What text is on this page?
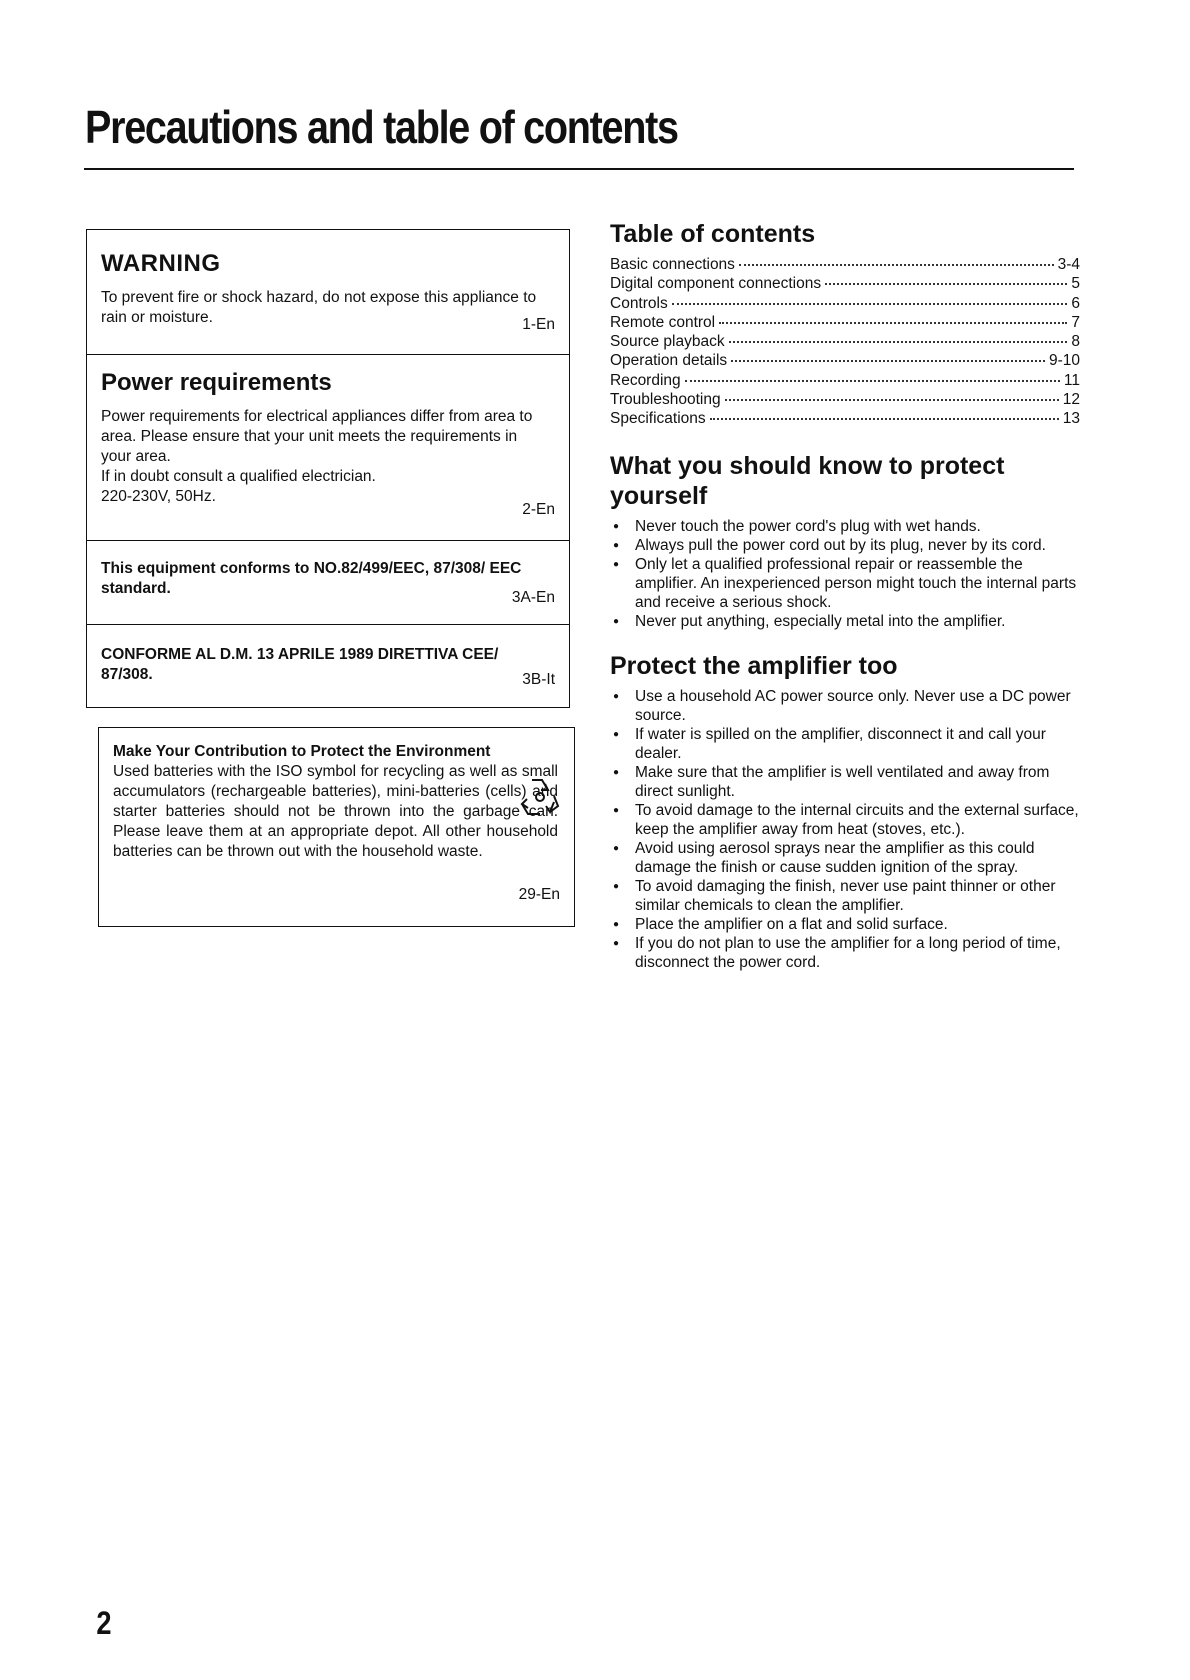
Precautions and table of contents
WARNING

To prevent fire or shock hazard, do not expose this appliance to rain or moisture.	1-En
Power requirements

Power requirements for electrical appliances differ from area to area. Please ensure that your unit meets the requirements in your area.

If in doubt consult a qualified electrician.

220-230V, 50Hz.

2-En

This equipment conforms to NO.82/499/EEC, 87/308/ EEC standard.

3A-En

CONFORME AL D.M. 13 APRILE 1989 DIRETTIVA CEE/ 87/308.	3B-It

Make Your Contribution to Protect the Environment

Used batteries with the ISO symbol for recycling as well as small accumulators (rechargeable batteries), mini-batteries (cells) and starter batteries should not be thrown into the garbage can. Please leave them at an appropriate depot. All other household batteries can be thrown out with the household waste.

29-En
Table of contents
Basic connections	3-4
Digital component connections	5
Controls	6
Remote control	7
Source playback	8
Operation details	9-10
Recording	11
Troubleshooting	12
Specifications	13
What you should know to protect yourself
● Never touch the power cord's plug with wet hands.
● Always pull the power cord out by its plug, never by its cord.
● Only let a qualified professional repair or reassemble the amplifier. An inexperienced person might touch the internal parts and receive a serious shock.
● Never put anything, especially metal into the amplifier.
Protect the amplifier too
● Use a household AC power source only. Never use a DC power source.
● If water is spilled on the amplifier, disconnect it and call your dealer.
● Make sure that the amplifier is well ventilated and away from direct sunlight.
● To avoid damage to the internal circuits and the external surface, keep the amplifier away from heat (stoves, etc.).
● Avoid using aerosol sprays near the amplifier as this could damage the finish or cause sudden ignition of the spray.
● To avoid damaging the finish, never use paint thinner or other similar chemicals to clean the amplifier.
● Place the amplifier on a flat and solid surface.
● If you do not plan to use the amplifier for a long period of time, disconnect the power cord.
2
